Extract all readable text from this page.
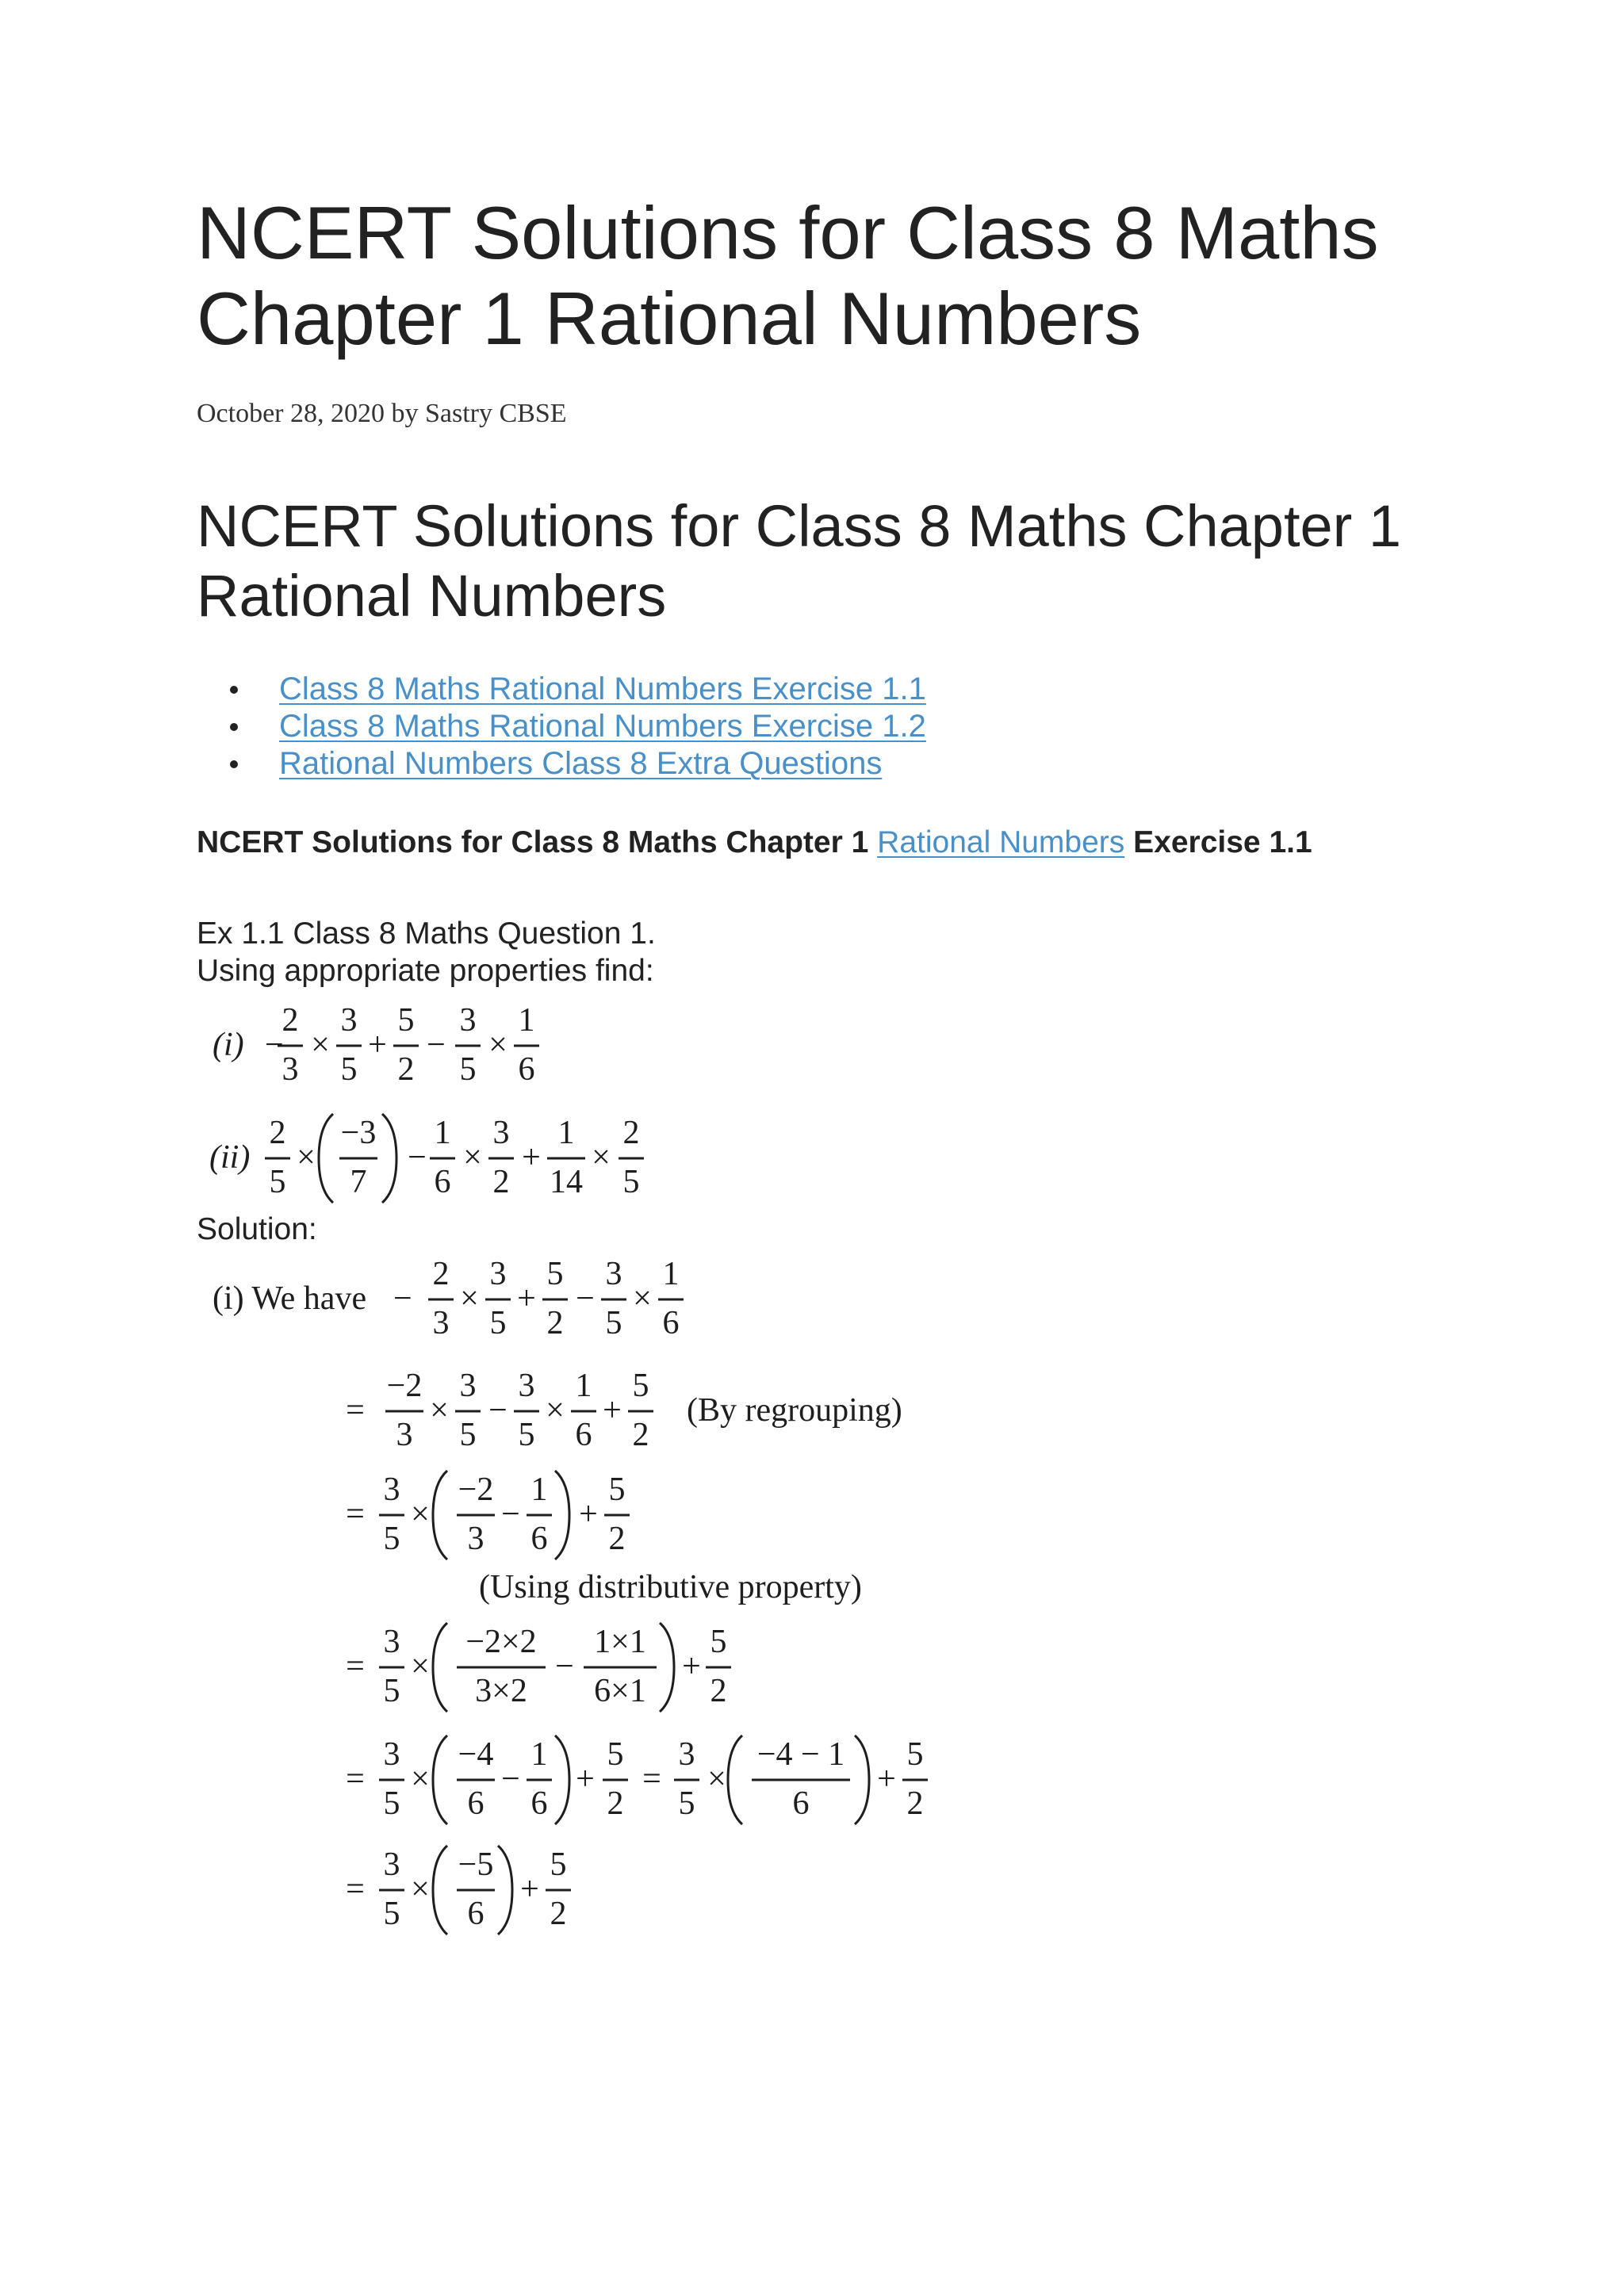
NCERT Solutions for Class 8 Maths Chapter 1 Rational Numbers
October 28, 2020 by Sastry CBSE
NCERT Solutions for Class 8 Maths Chapter 1 Rational Numbers
Class 8 Maths Rational Numbers Exercise 1.1
Class 8 Maths Rational Numbers Exercise 1.2
Rational Numbers Class 8 Extra Questions
NCERT Solutions for Class 8 Maths Chapter 1 Rational Numbers Exercise 1.1
Ex 1.1 Class 8 Maths Question 1.
Using appropriate properties find:
Solution:
(i) −
2
3
×
3
5
+
5
2
−
3
5
×
1
6
(ii)
2
5
×
−3
7
−
1
6
×
3
2
+
1
14
×
2
5
(i) We have −
2
3
×
3
5
+
5
2
−
3
5
×
1
6
=
−2
3
×
3
5
−
3
5
×
1
6
+
5
2
(By regrouping)
=
3
5
×
−2
3
−
1
6
+
5
2
(Using distributive property)
=
3
5
×
−2×2
3×2
−
1×1
6×1
+
5
2
=
3
5
×
−4
6
−
1
6
+
5
2
=
3
5
×
−4 − 1
6
+
5
2
=
3
5
×
−5
6
+
5
2
